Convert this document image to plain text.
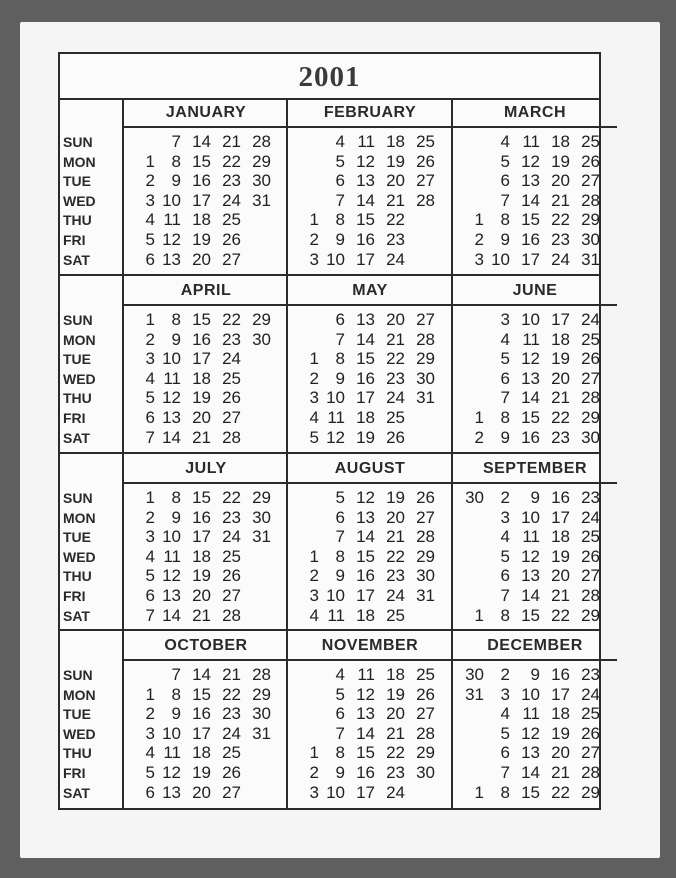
2001
JANUARY
7 14 21 28
1 8 15 22 29
2 9 16 23 30
3 10 17 24 31
4 11 18 25
5 12 19 26
6 13 20 27
FEBRUARY
4 11 18 25
5 12 19 26
6 13 20 27
7 14 21 28
1 8 15 22
2 9 16 23
3 10 17 24
MARCH
4 11 18 25
5 12 19 26
6 13 20 27
7 14 21 28
1 8 15 22 29
2 9 16 23 30
3 10 17 24 31
APRIL
1 8 15 22 29
2 9 16 23 30
3 10 17 24
4 11 18 25
5 12 19 26
6 13 20 27
7 14 21 28
MAY
6 13 20 27
7 14 21 28
1 8 15 22 29
2 9 16 23 30
3 10 17 24 31
4 11 18 25
5 12 19 26
JUNE
3 10 17 24
4 11 18 25
5 12 19 26
6 13 20 27
7 14 21 28
1 8 15 22 29
2 9 16 23 30
JULY
1 8 15 22 29
2 9 16 23 30
3 10 17 24 31
4 11 18 25
5 12 19 26
6 13 20 27
7 14 21 28
AUGUST
5 12 19 26
6 13 20 27
7 14 21 28
1 8 15 22 29
2 9 16 23 30
3 10 17 24 31
4 11 18 25
SEPTEMBER
30 2	9 16 23
3 10 17 24
4 11 18 25
5 12 19 26
6 13 20 27
7 14 21 28
1 8 15 22 29
OCTOBER
7 14 21 28
1 8 15 22 29
2 9 16 23 30
3 10 17 24 31
4 11 18 25
5 12 19 26
6 13 20 27
NOVEMBER
4 11 18 25
5 12 19 26
6 13 20 27
7 14 21 28
1 8 15 22 29
2 9 16 23 30
3 10 17 24
DECEMBER
30 2	9 16 23
31 3 10 17 24
4 11 18 25
5 12 19 26
6 13 20 27
7 14 21 28
1 8 15 22 29
SUN
MON
TUE
WED
THU
FRI
SAT
SUN
MON
TUE
WED
THU
FRI
SAT
SUN
MON
TUE
WED
THU
FRI
SAT
SUN
MON
TUE
WED
THU
FRI
SAT
